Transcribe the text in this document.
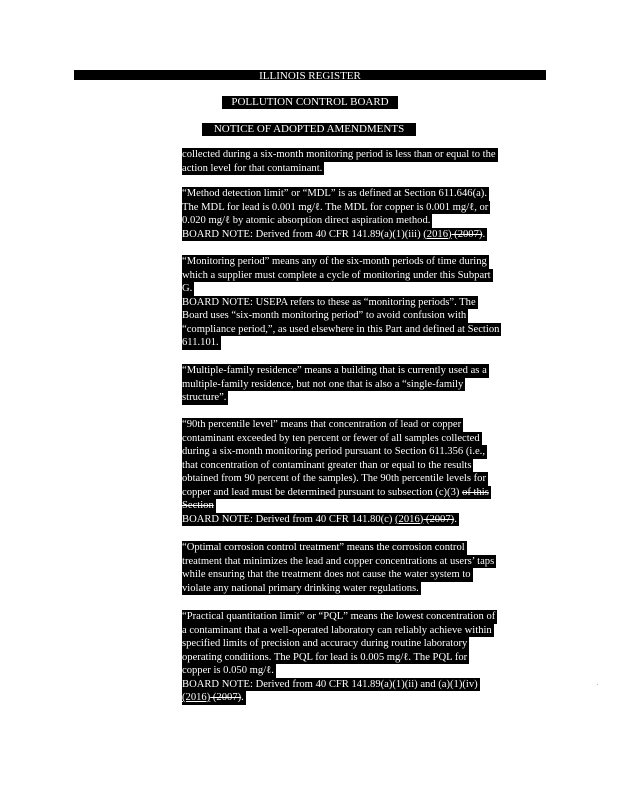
ILLINOIS REGISTER
POLLUTION CONTROL BOARD
NOTICE OF ADOPTED AMENDMENTS
collected during a six-month monitoring period is less than or equal to the
action level for that contaminant.
“Method detection limit” or “MDL” is as defined at Section 611.646(a).
The MDL for lead is 0.001 mg/ℓ. The MDL for copper is 0.001 mg/ℓ, or
0.020 mg/ℓ by atomic absorption direct aspiration method.
BOARD NOTE: Derived from 40 CFR 141.89(a)(1)(iii) (2016) (2007).
“Monitoring period” means any of the six-month periods of time during
which a supplier must complete a cycle of monitoring under this Subpart
G.
BOARD NOTE: USEPA refers to these as “monitoring periods”. The
Board uses “six-month monitoring period” to avoid confusion with
“compliance period,”, as used elsewhere in this Part and defined at Section
611.101.
“Multiple-family residence” means a building that is currently used as a
multiple-family residence, but not one that is also a “single-family
structure”.
“90th percentile level” means that concentration of lead or copper
contaminant exceeded by ten percent or fewer of all samples collected
during a six-month monitoring period pursuant to Section 611.356 (i.e.,
that concentration of contaminant greater than or equal to the results
obtained from 90 percent of the samples). The 90th percentile levels for
copper and lead must be determined pursuant to subsection (c)(3) of this
Section
BOARD NOTE: Derived from 40 CFR 141.80(c) (2016) (2007).
“Optimal corrosion control treatment” means the corrosion control
treatment that minimizes the lead and copper concentrations at users’ taps
while ensuring that the treatment does not cause the water system to
violate any national primary drinking water regulations.
“Practical quantitation limit” or “PQL” means the lowest concentration of
a contaminant that a well-operated laboratory can reliably achieve within
specified limits of precision and accuracy during routine laboratory
operating conditions. The PQL for lead is 0.005 mg/ℓ. The PQL for
copper is 0.050 mg/ℓ.
BOARD NOTE: Derived from 40 CFR 141.89(a)(1)(ii) and (a)(1)(iv)
(2016) (2007).
